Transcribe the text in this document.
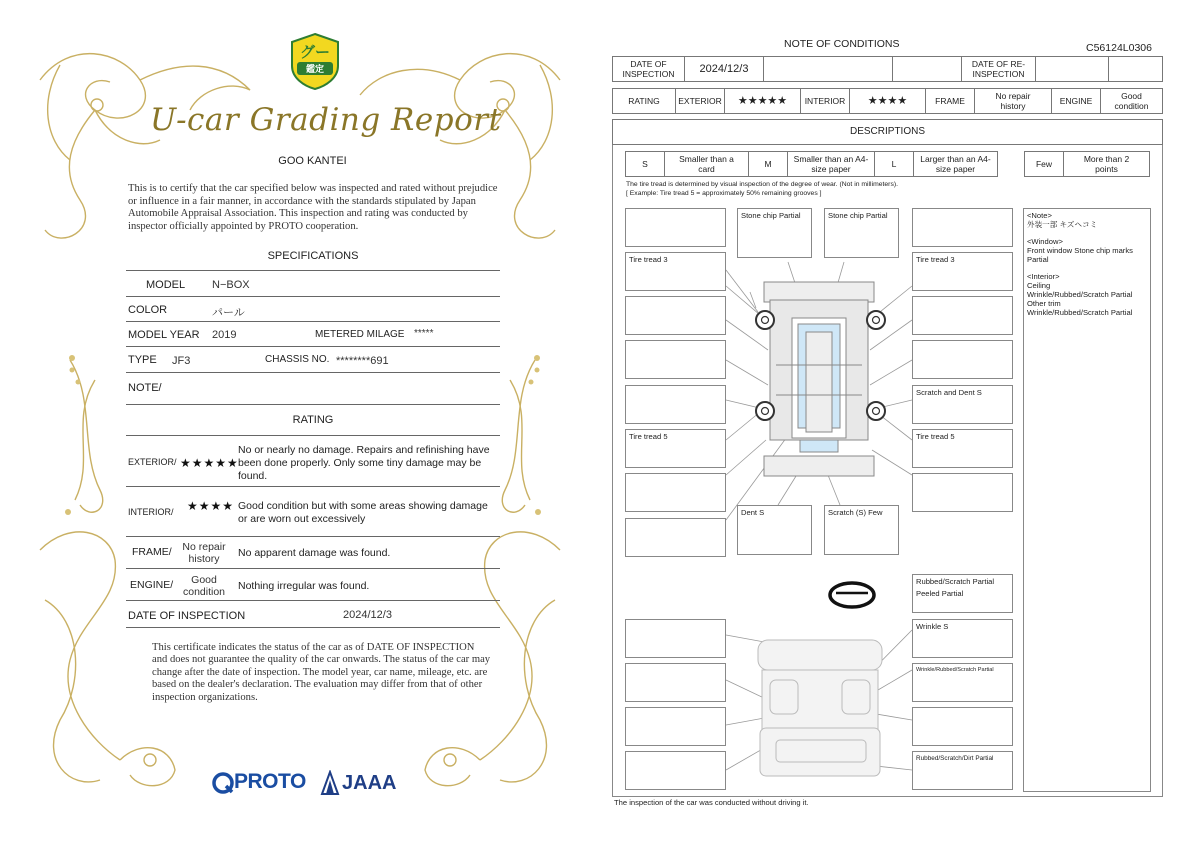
グー
鑑定
U-car Grading Report
GOO KANTEI
This is to certify that the car specified below was inspected and rated without prejudice or influence in a fair manner, in accordance with the standards stipulated by Japan Automobile Appraisal Association. This inspection and rating was conducted by inspector officially appointed by PROTO cooperation.
SPECIFICATIONS
MODEL N−BOX
COLOR	パール
MODEL YEAR 2019	METERED MILAGE *****
TYPE JF3	CHASSIS NO. ********691
NOTE/
RATING
EXTERIOR/ ★★★★★
No or nearly no damage. Repairs and refinishing have been done properly. Only some tiny damage may be found.
INTERIOR/ ★★★★ Good condition but with some areas showing damage or are worn out excessively
FRAME/	No repair history	No apparent damage was found.
ENGINE/	Good condition	Nothing irregular was found.
DATE OF INSPECTION	2024/12/3
This certificate indicates the status of the car as of DATE OF INSPECTION and does not guarantee the quality of the car onwards. The status of the car may change after the date of inspection. The model year, car name, mileage, etc. are based on the dealer's declaration. The evaluation may differ from that of other inspection organizations.
PROTO JAAA
NOTE OF CONDITIONS	C56124L0306
DATE OF INSPECTION	2024/12/3	DATE OF RE-INSPECTION
RATING	EXTERIOR	★★★★★	INTERIOR	★★★★	FRAME	No repair history	ENGINE	Good condition
DESCRIPTIONS
S	Smaller than a card	M	Smaller than an A4-size paper	L	Larger than an A4-size paper	Few	More than 2 points
The tire tread is determined by visual inspection of the degree of wear. (Not in millimeters).
[ Example: Tire tread 5 = approximately 50% remaining grooves ]
Tire tread 3
Tire tread 5
Stone chip Partial	Stone chip Partial
Dent S	Scratch (S) Few
Tire tread 3
Scratch and Dent S
Tire tread 5
Rubbed/Scratch Partial
Peeled Partial
Wrinkle S
Wrinkle/Rubbed/Scratch Partial
Rubbed/Scratch/Dirt Partial
<Note>
外装一部 キズヘコミ
<Window>
Front window Stone chip marks Partial
<Interior>
Ceiling
Wrinkle/Rubbed/Scratch Partial
Other trim
Wrinkle/Rubbed/Scratch Partial
The inspection of the car was conducted without driving it.
